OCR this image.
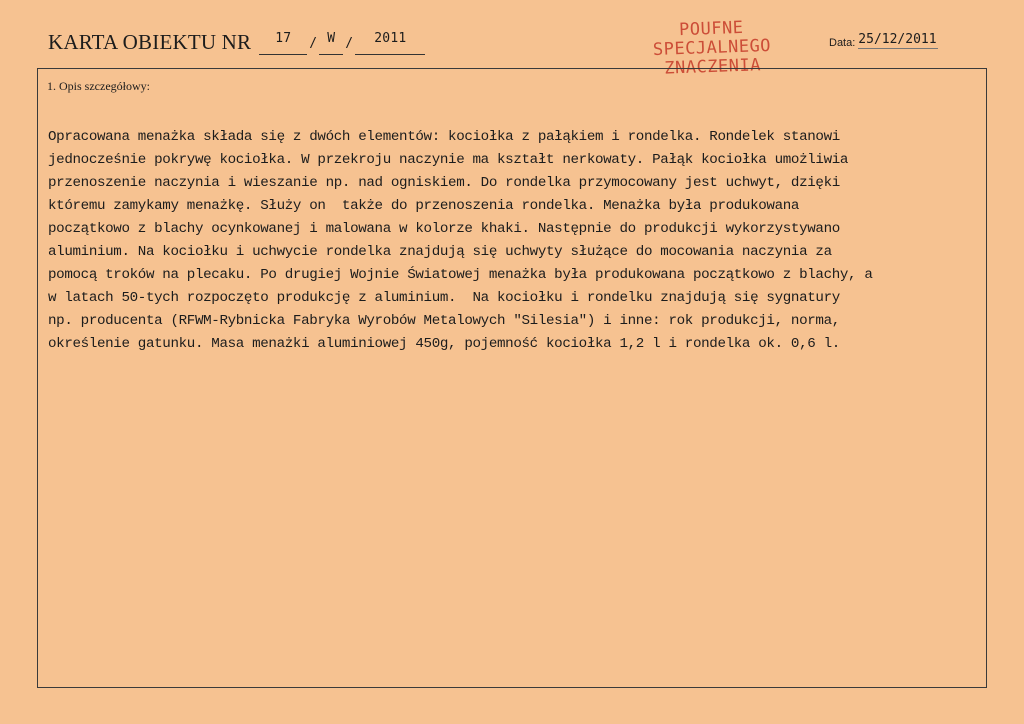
KARTA OBIEKTU NR	17	/ W /	2011	POUFNE
SPECJALNEGO
ZNACZENIA
Data: 25/12/2011
1. Opis szczegółowy:
Opracowana menażka składa się z dwóch elementów: kociołka z pałąkiem i rondelka. Rondelek stanowi
jednocześnie pokrywę kociołka. W przekroju naczynie ma kształt nerkowaty. Pałąk kociołka umożliwia
przenoszenie naczynia i wieszanie np. nad ogniskiem. Do rondelka przymocowany jest uchwyt, dzięki
któremu zamykamy menażkę. Służy on  także do przenoszenia rondelka. Menażka była produkowana
początkowo z blachy ocynkowanej i malowana w kolorze khaki. Następnie do produkcji wykorzystywano
aluminium. Na kociołku i uchwycie rondelka znajdują się uchwyty służące do mocowania naczynia za
pomocą troków na plecaku. Po drugiej Wojnie Światowej menażka była produkowana początkowo z blachy, a
w latach 50-tych rozpoczęto produkcję z aluminium.  Na kociołku i rondelku znajdują się sygnatury
np. producenta (RFWM-Rybnicka Fabryka Wyrobów Metalowych "Silesia") i inne: rok produkcji, norma,
określenie gatunku. Masa menażki aluminiowej 450g, pojemność kociołka 1,2 l i rondelka ok. 0,6 l.
